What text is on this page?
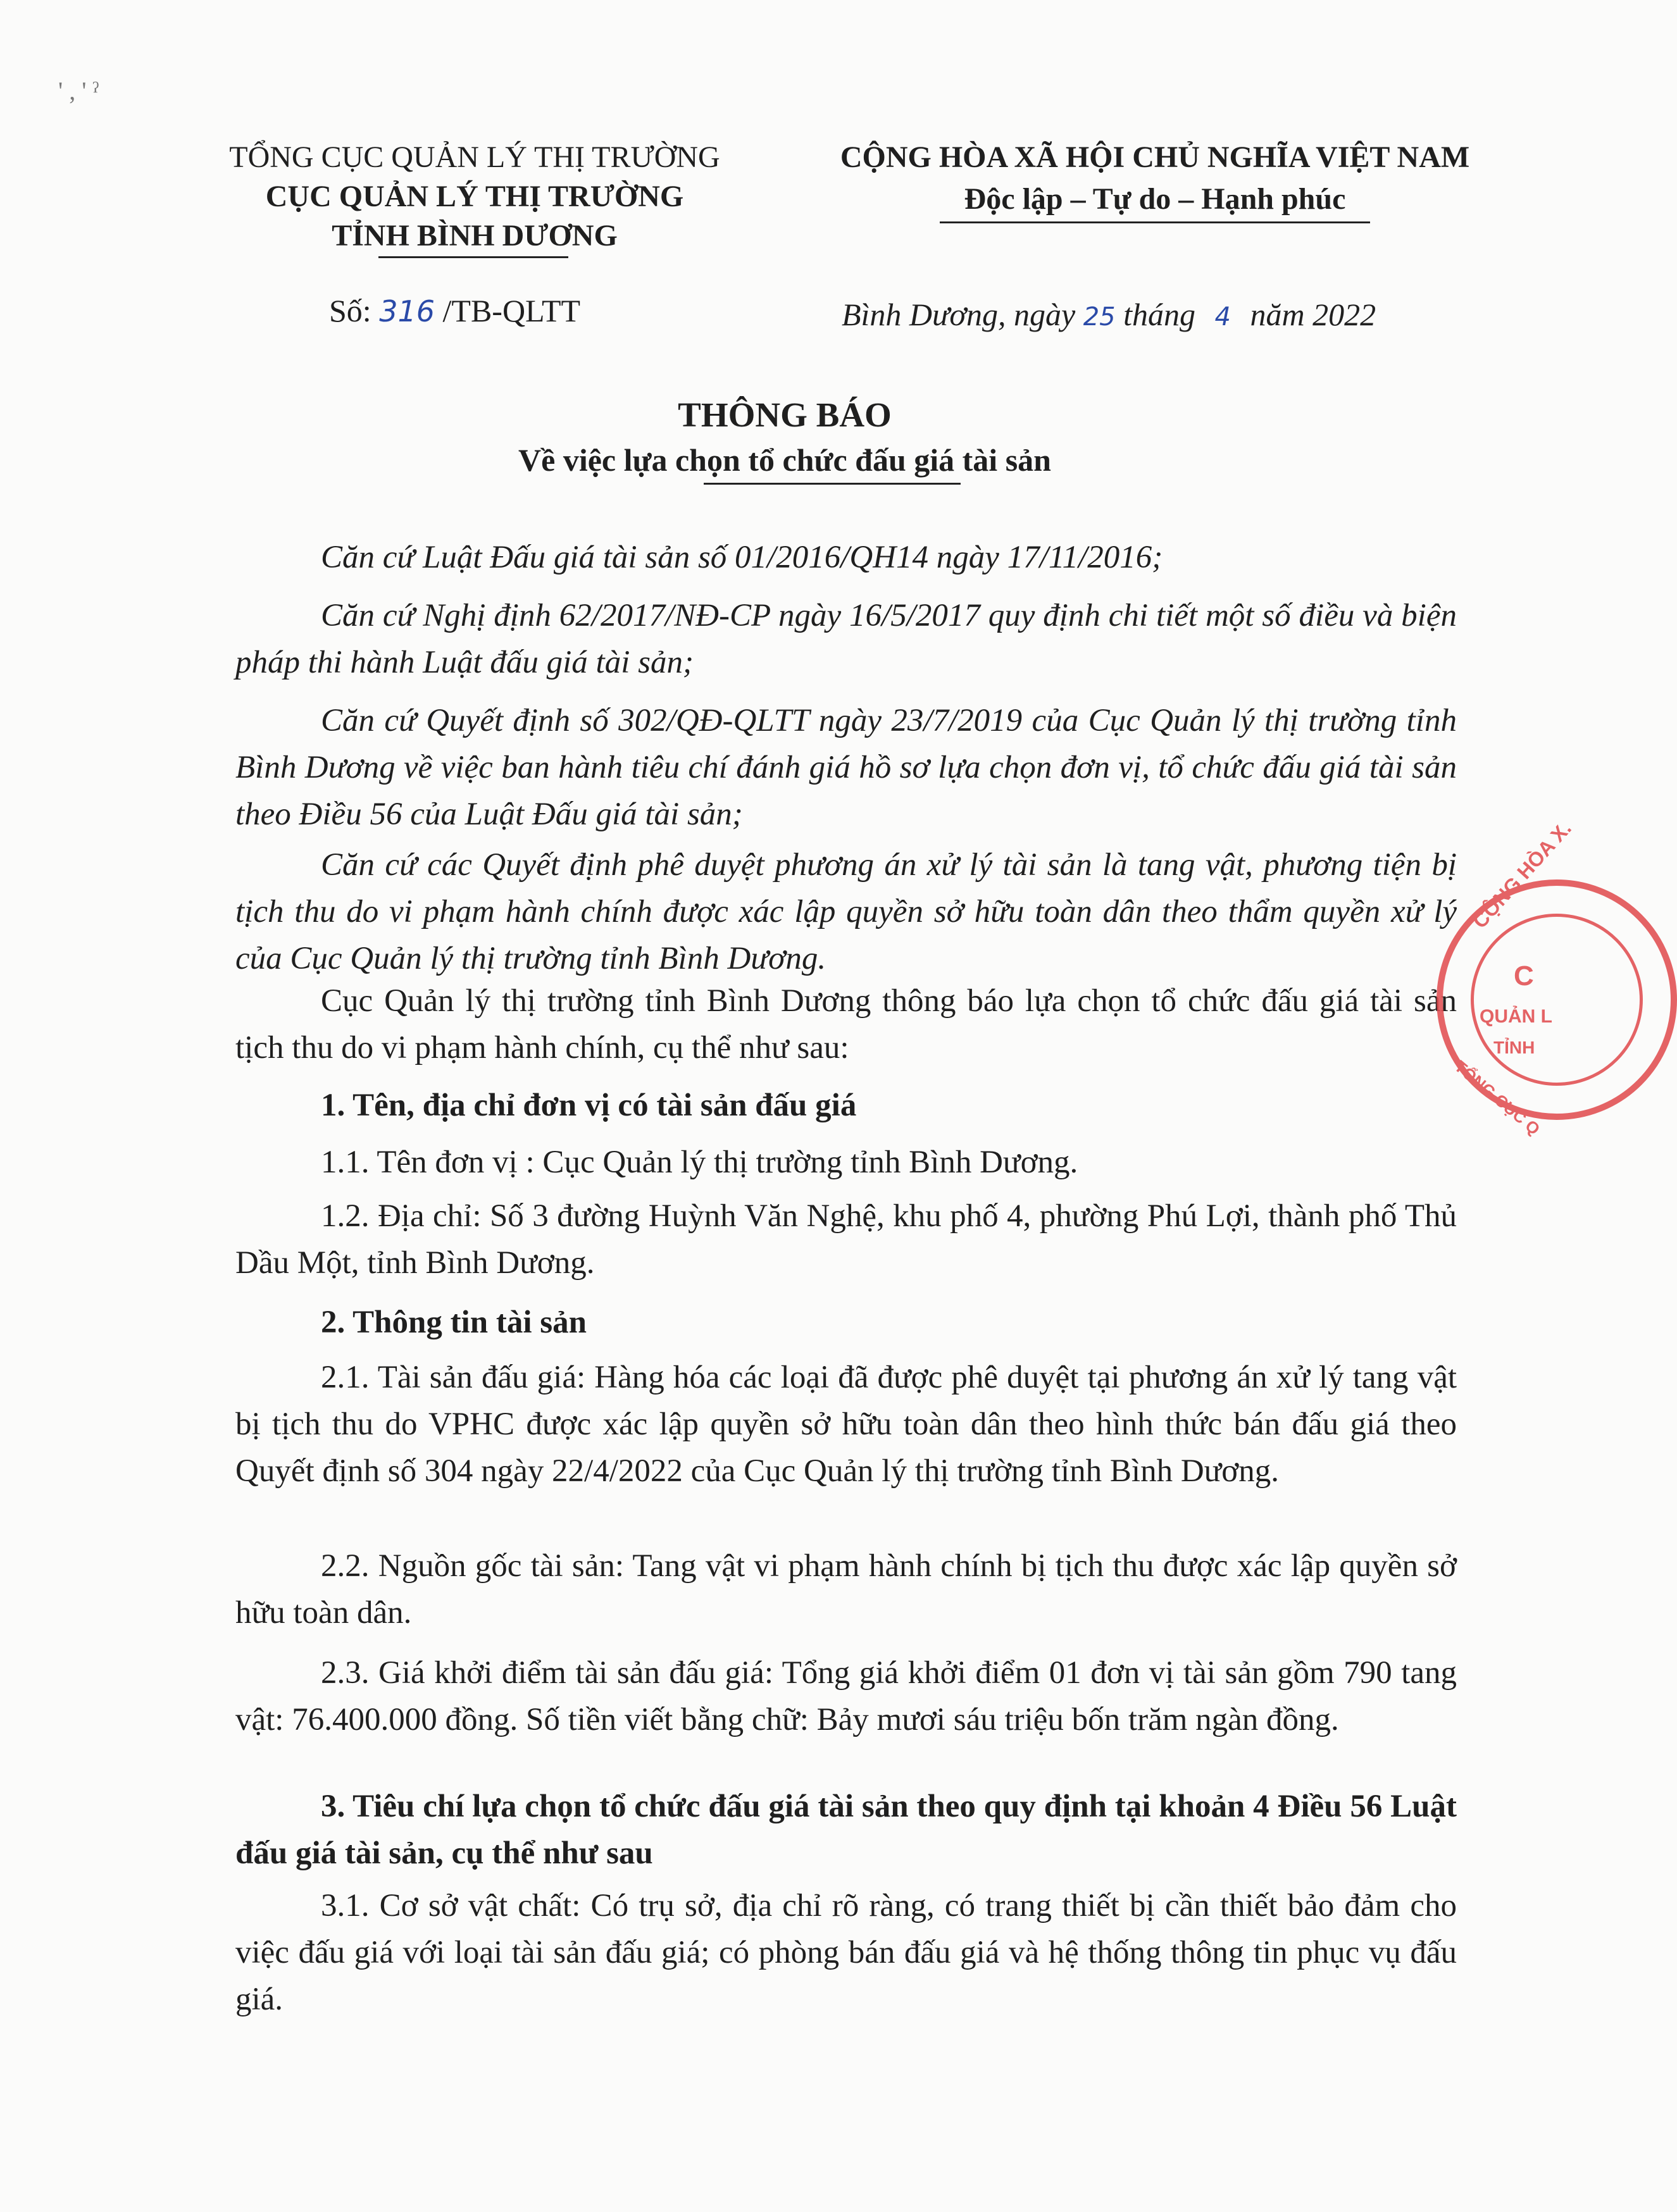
' , ' ˀ
TỔNG CỤC QUẢN LÝ THỊ TRƯỜNG
CỤC QUẢN LÝ THỊ TRƯỜNG
TỈNH BÌNH DƯƠNG
CỘNG HÒA XÃ HỘI CHỦ NGHĨA VIỆT NAM
Độc lập – Tự do – Hạnh phúc
Số: 316 /TB-QLTT	Bình Dương, ngày 25 tháng 4 năm 2022
THÔNG BÁO
Về việc lựa chọn tổ chức đấu giá tài sản
Căn cứ Luật Đấu giá tài sản số 01/2016/QH14 ngày 17/11/2016;
Căn cứ Nghị định 62/2017/NĐ-CP ngày 16/5/2017 quy định chi tiết một số điều và biện pháp thi hành Luật đấu giá tài sản;
Căn cứ Quyết định số 302/QĐ-QLTT ngày 23/7/2019 của Cục Quản lý thị trường tỉnh Bình Dương về việc ban hành tiêu chí đánh giá hồ sơ lựa chọn đơn vị, tổ chức đấu giá tài sản theo Điều 56 của Luật Đấu giá tài sản;
Căn cứ các Quyết định phê duyệt phương án xử lý tài sản là tang vật, phương tiện bị tịch thu do vi phạm hành chính được xác lập quyền sở hữu toàn dân theo thẩm quyền xử lý của Cục Quản lý thị trường tỉnh Bình Dương.
Cục Quản lý thị trường tỉnh Bình Dương thông báo lựa chọn tổ chức đấu giá tài sản tịch thu do vi phạm hành chính, cụ thể như sau:
1. Tên, địa chỉ đơn vị có tài sản đấu giá
1.1. Tên đơn vị : Cục Quản lý thị trường tỉnh Bình Dương.
1.2. Địa chỉ: Số 3 đường Huỳnh Văn Nghệ, khu phố 4, phường Phú Lợi, thành phố Thủ Dầu Một, tỉnh Bình Dương.
2. Thông tin tài sản
2.1. Tài sản đấu giá: Hàng hóa các loại đã được phê duyệt tại phương án xử lý tang vật bị tịch thu do VPHC được xác lập quyền sở hữu toàn dân theo hình thức bán đấu giá theo Quyết định số 304 ngày 22/4/2022 của Cục Quản lý thị trường tỉnh Bình Dương.
2.2. Nguồn gốc tài sản: Tang vật vi phạm hành chính bị tịch thu được xác lập quyền sở hữu toàn dân.
2.3. Giá khởi điểm tài sản đấu giá: Tổng giá khởi điểm 01 đơn vị tài sản gồm 790 tang vật: 76.400.000 đồng. Số tiền viết bằng chữ: Bảy mươi sáu triệu bốn trăm ngàn đồng.
3. Tiêu chí lựa chọn tổ chức đấu giá tài sản theo quy định tại khoản 4 Điều 56 Luật đấu giá tài sản, cụ thể như sau
3.1. Cơ sở vật chất: Có trụ sở, địa chỉ rõ ràng, có trang thiết bị cần thiết bảo đảm cho việc đấu giá với loại tài sản đấu giá; có phòng bán đấu giá và hệ thống thông tin phục vụ đấu giá.
CỘNG HÒA X.
C
QUẢN L
TỈNH
TỔNG CỤC Q
